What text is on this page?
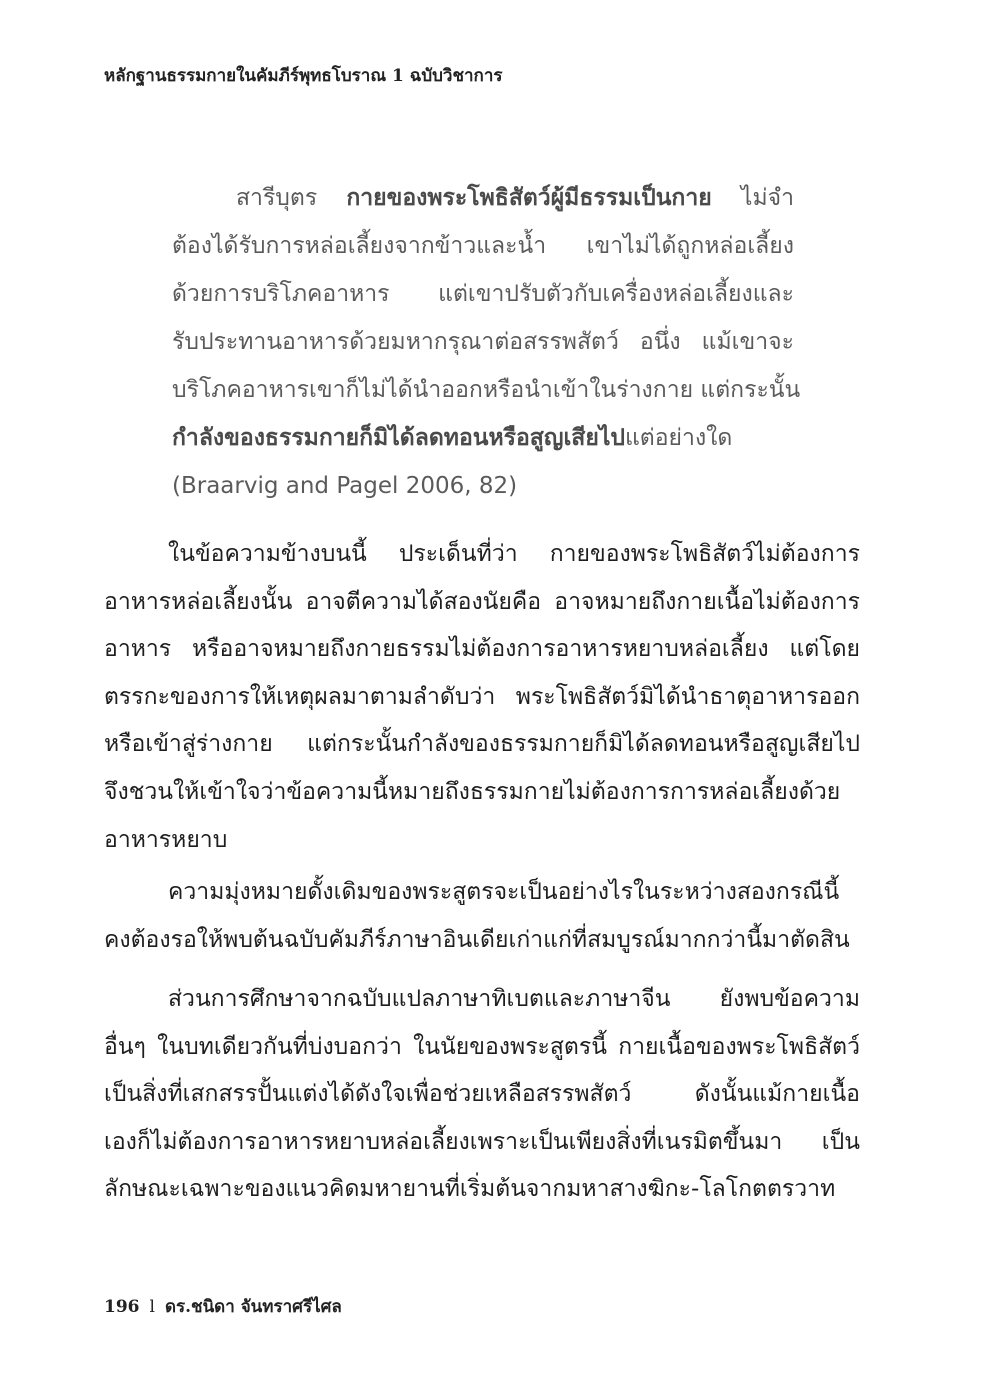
หลักฐานธรรมกายในคัมภีร์พุทธโบราณ 1 ฉบับวิชาการ
สารีบุตร กายของพระโพธิสัตว์ผู้มีธรรมเป็นกาย ไม่จำ
ต้องได้รับการหล่อเลี้ยงจากข้าวและน้ำ เขาไม่ได้ถูกหล่อเลี้ยง
ด้วยการบริโภคอาหาร แต่เขาปรับตัวกับเครื่องหล่อเลี้ยงและ
รับประทานอาหารด้วยมหากรุณาต่อสรรพสัตว์ อนึ่ง แม้เขาจะ
บริโภคอาหารเขาก็ไม่ได้นำออกหรือนำเข้าในร่างกาย แต่กระนั้น
กำลังของธรรมกายก็มิได้ลดทอนหรือสูญเสียไปแต่อย่างใด
(Braarvig and Pagel 2006, 82)
ในข้อความข้างบนนี้ ประเด็นที่ว่า กายของพระโพธิสัตว์ไม่ต้องการ
อาหารหล่อเลี้ยงนั้น อาจตีความได้สองนัยคือ อาจหมายถึงกายเนื้อไม่ต้องการ
อาหาร หรืออาจหมายถึงกายธรรมไม่ต้องการอาหารหยาบหล่อเลี้ยง แต่โดย
ตรรกะของการให้เหตุผลมาตามลำดับว่า พระโพธิสัตว์มิได้นำธาตุอาหารออก
หรือเข้าสู่ร่างกาย แต่กระนั้นกำลังของธรรมกายก็มิได้ลดทอนหรือสูญเสียไป
จึงชวนให้เข้าใจว่าข้อความนี้หมายถึงธรรมกายไม่ต้องการการหล่อเลี้ยงด้วย
อาหารหยาบ
ความมุ่งหมายดั้งเดิมของพระสูตรจะเป็นอย่างไรในระหว่างสองกรณีนี้
คงต้องรอให้พบต้นฉบับคัมภีร์ภาษาอินเดียเก่าแก่ที่สมบูรณ์มากกว่านี้มาตัดสิน
ส่วนการศึกษาจากฉบับแปลภาษาทิเบตและภาษาจีน ยังพบข้อความ
อื่นๆ ในบทเดียวกันที่บ่งบอกว่า ในนัยของพระสูตรนี้ กายเนื้อของพระโพธิสัตว์
เป็นสิ่งที่เสกสรรปั้นแต่งได้ดังใจเพื่อช่วยเหลือสรรพสัตว์ ดังนั้นแม้กายเนื้อ
เองก็ไม่ต้องการอาหารหยาบหล่อเลี้ยงเพราะเป็นเพียงสิ่งที่เนรมิตขึ้นมา เป็น
ลักษณะเฉพาะของแนวคิดมหายานที่เริ่มต้นจากมหาสางฆิกะ-โลโกตตรวาท
196 l ดร.ชนิดา จันทราศรีไศล
